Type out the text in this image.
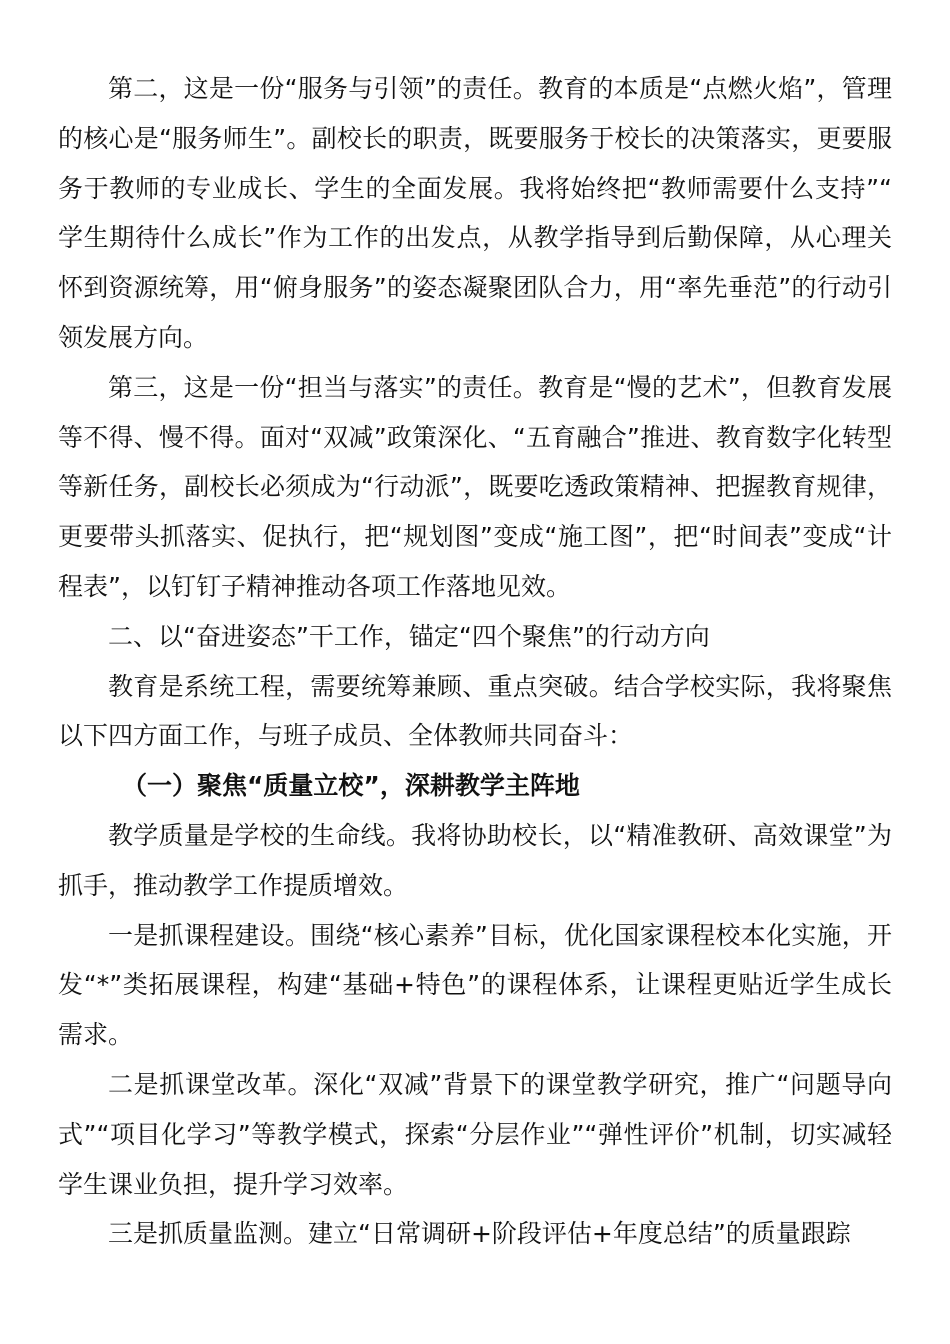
第二，这是一份“服务与引领”的责任。教育的本质是“点燃火焰”，管理的核心是“服务师生”。副校长的职责，既要服务于校长的决策落实，更要服务于教师的专业成长、学生的全面发展。我将始终把“教师需要什么支持”“学生期待什么成长”作为工作的出发点，从教学指导到后勤保障，从心理关怀到资源统筹，用“俯身服务”的姿态凝聚团队合力，用“率先垂范”的行动引领发展方向。

第三，这是一份“担当与落实”的责任。教育是“慢的艺术”，但教育发展等不得、慢不得。面对“双减”政策深化、“五育融合”推进、教育数字化转型等新任务，副校长必须成为“行动派”，既要吃透政策精神、把握教育规律，更要带头抓落实、促执行，把“规划图”变成“施工图”，把“时间表”变成“计程表”，以钉钉子精神推动各项工作落地见效。

二、以“奋进姿态”干工作，锚定“四个聚焦”的行动方向

教育是系统工程，需要统筹兼顾、重点突破。结合学校实际，我将聚焦以下四方面工作，与班子成员、全体教师共同奋斗：

（一）聚焦“质量立校”，深耕教学主阵地

教学质量是学校的生命线。我将协助校长，以“精准教研、高效课堂”为抓手，推动教学工作提质增效。

一是抓课程建设。围绕“核心素养”目标，优化国家课程校本化实施，开发“*”类拓展课程，构建“基础+特色”的课程体系，让课程更贴近学生成长需求。

二是抓课堂改革。深化“双减”背景下的课堂教学研究，推广“问题导向式”“项目化学习”等教学模式，探索“分层作业”“弹性评价”机制，切实减轻学生课业负担，提升学习效率。

三是抓质量监测。建立“日常调研+阶段评估+年度总结”的质量跟踪
